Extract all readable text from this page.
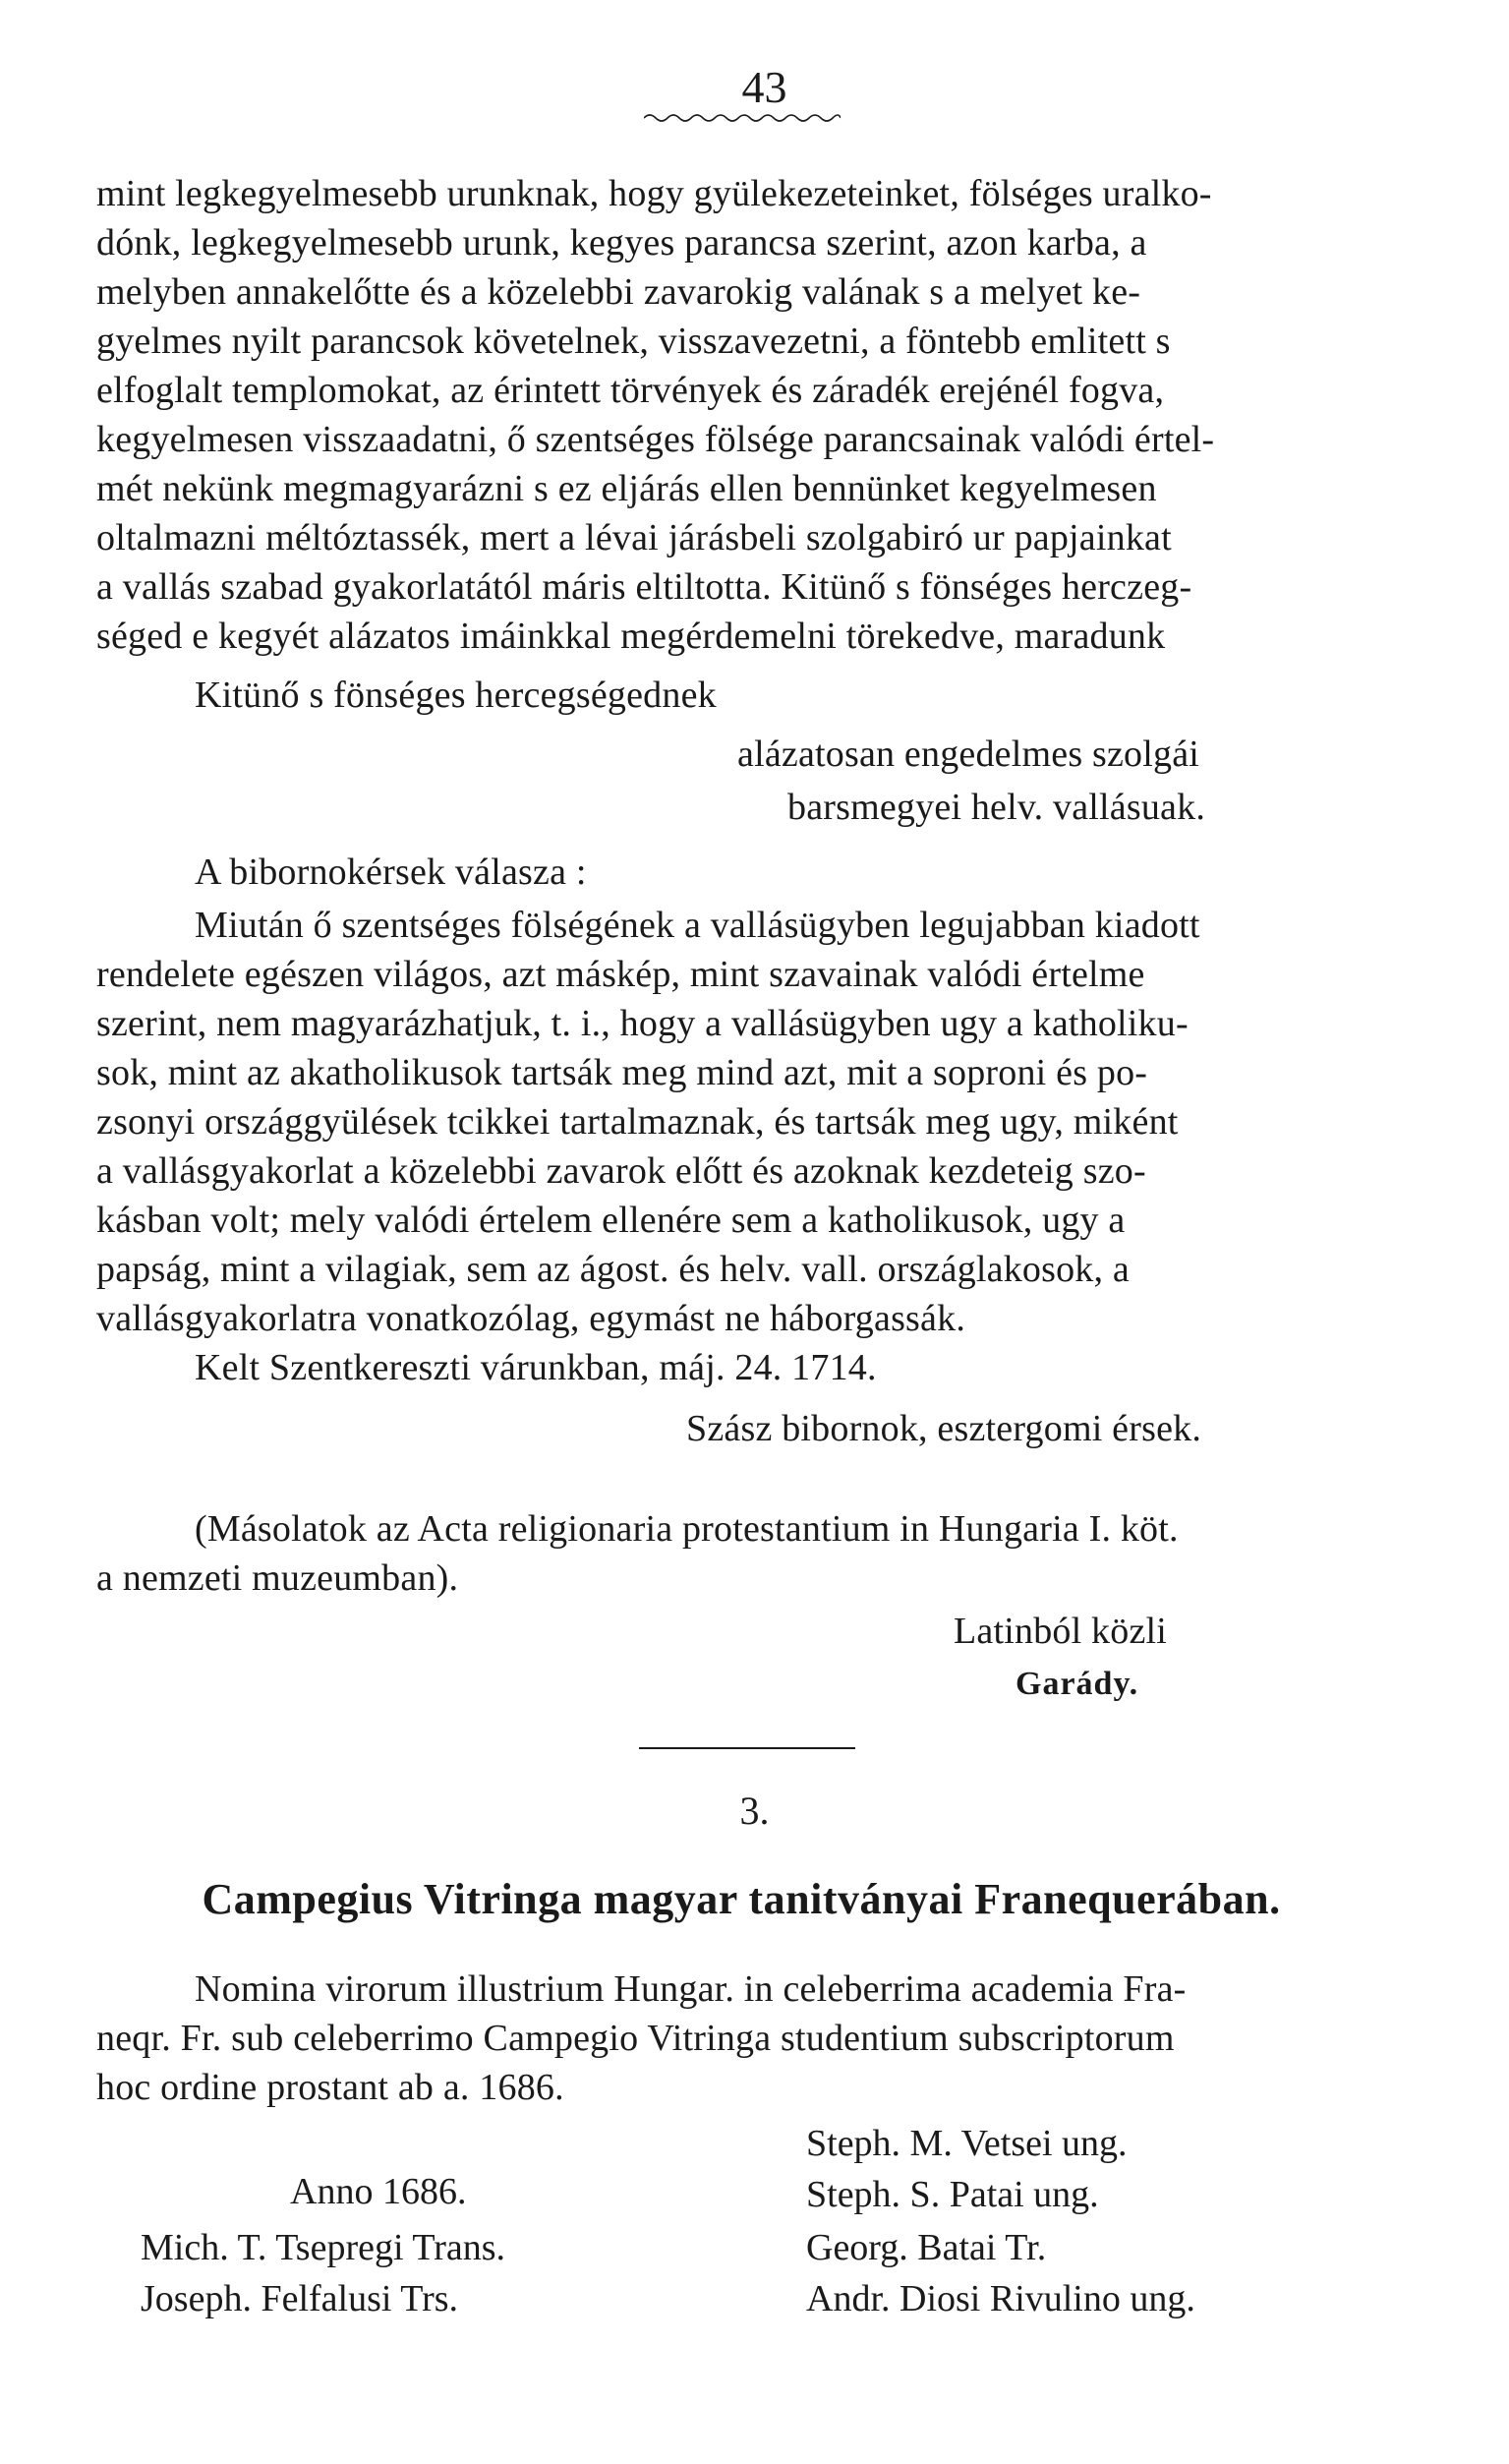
43

mint legkegyelmesebb urunknak, hogy gyülekezeteinket, fölséges uralko-

dónk, legkegyelmesebb urunk, kegyes parancsa szerint, azon karba, a

melyben annakelőtte és a közelebbi zavarokig valának s a melyet ke-

gyelmes nyilt parancsok követelnek, visszavezetni, a föntebb emlitett s

elfoglalt templomokat, az érintett törvények és záradék erejénél fogva,

kegyelmesen visszaadatni, ő szentséges fölsége parancsainak valódi értel-

mét nekünk megmagyarázni s ez eljárás ellen bennünket kegyelmesen

oltalmazni méltóztassék, mert a lévai járásbeli szolgabiró ur papjainkat

a vallás szabad gyakorlatától máris eltiltotta. Kitünő s fönséges herczeg-

séged e kegyét alázatos imáinkkal megérdemelni törekedve, maradunk

Kitünő s fönséges hercegségednek

alázatosan engedelmes szolgái

barsmegyei helv. vallásuak.

A bibornokérsek válasza :

Miután ő szentséges fölségének a vallásügyben legujabban kiadott

rendelete egészen világos, azt máskép, mint szavainak valódi értelme

szerint, nem magyarázhatjuk, t. i., hogy a vallásügyben ugy a katholiku-

sok, mint az akatholikusok tartsák meg mind azt, mit a soproni és po-

zsonyi országgyülések tcikkei tartalmaznak, és tartsák meg ugy, miként

a vallásgyakorlat a közelebbi zavarok előtt és azoknak kezdeteig szo-

kásban volt; mely valódi értelem ellenére sem a katholikusok, ugy a

papság, mint a vilagiak, sem az ágost. és helv. vall. országlakosok, a

vallásgyakorlatra vonatkozólag, egymást ne háborgassák.

Kelt Szentkereszti várunkban, máj. 24. 1714.

Szász bibornok, esztergomi érsek.

(Másolatok az Acta religionaria protestantium in Hungaria I. köt.

a nemzeti muzeumban).

Latinból közli

Garády.

3.
Campegius Vitringa magyar tanitványai Franequerában.

Nomina virorum illustrium Hungar. in celeberrima academia Fra-

neqr. Fr. sub celeberrimo Campegio Vitringa studentium subscriptorum

hoc ordine prostant ab a. 1686.

Anno 1686.
Mich. T. Tsepregi Trans.
Joseph. Felfalusi Trs.
Steph. M. Vetsei ung.
Steph. S. Patai ung.
Georg. Batai Tr.
Andr. Diosi Rivulino ung.
